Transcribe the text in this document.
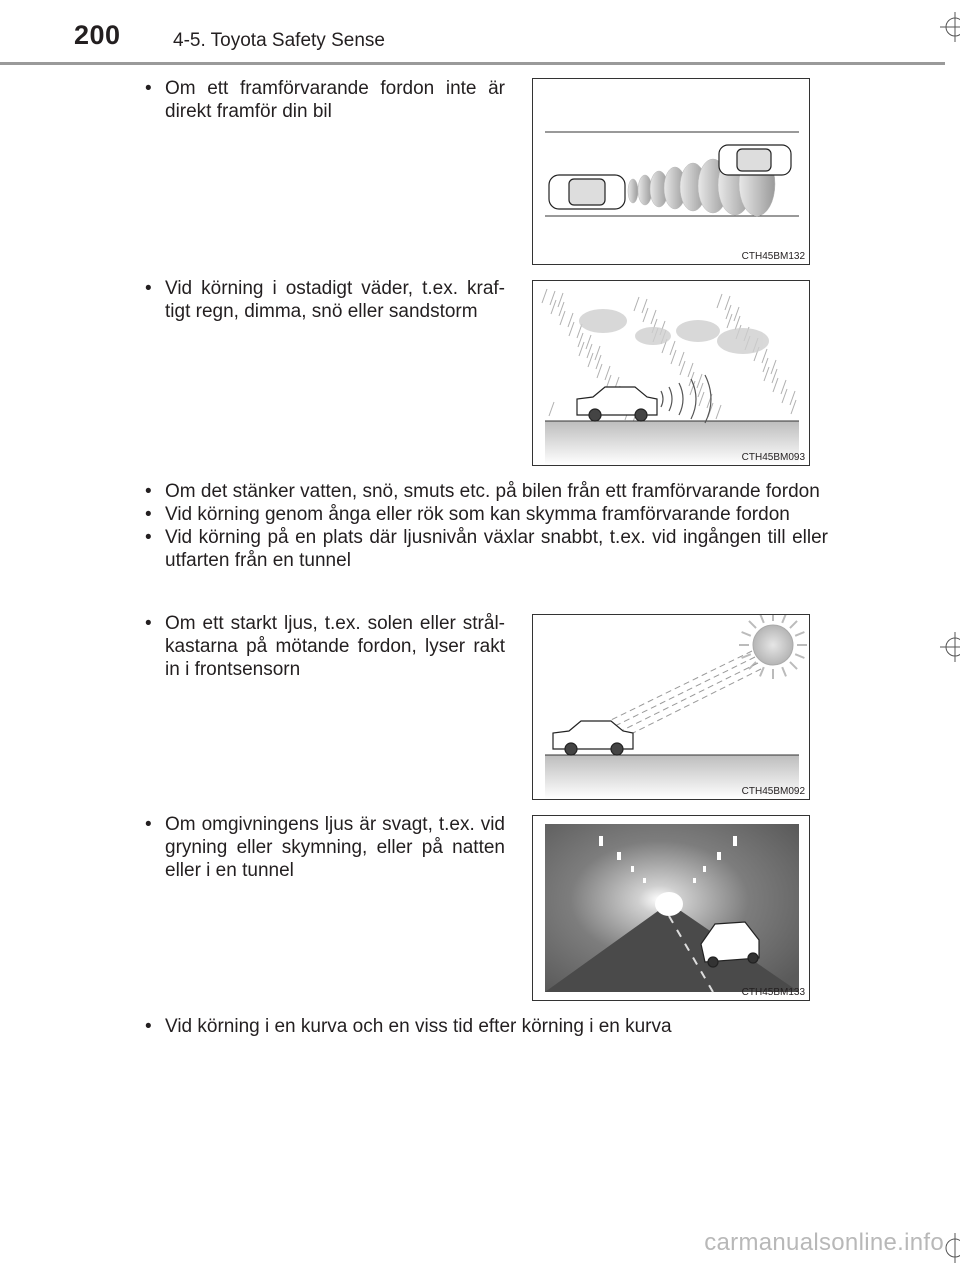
200	4-5. Toyota Safety Sense
• Om ett framförvarande fordon inte är direkt framför din bil
CTH45BM132
• Vid körning i ostadigt väder, t.ex. kraf-tigt regn, dimma, snö eller sandstorm
CTH45BM093
• Om det stänker vatten, snö, smuts etc. på bilen från ett framförvarande fordon
• Vid körning genom ånga eller rök som kan skymma framförvarande fordon
• Vid körning på en plats där ljusnivån växlar snabbt, t.ex. vid ingången till eller utfarten från en tunnel
• Om ett starkt ljus, t.ex. solen eller strål-kastarna på mötande fordon, lyser rakt in i frontsensorn
CTH45BM092
• Om omgivningens ljus är svagt, t.ex. vid gryning eller skymning, eller på natten eller i en tunnel
CTH45BM133
• Vid körning i en kurva och en viss tid efter körning i en kurva
carmanualsonline.info
